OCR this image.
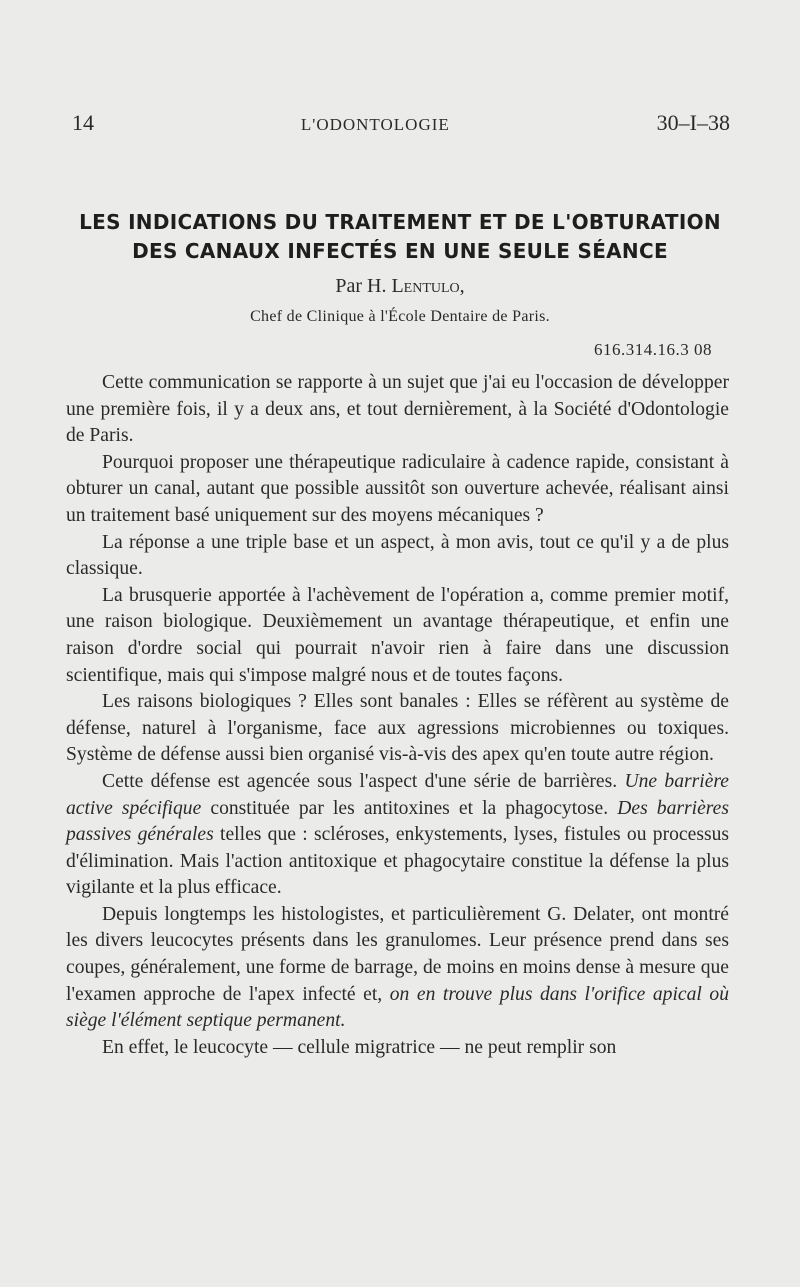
14	L'ODONTOLOGIE	30–I–38
LES INDICATIONS DU TRAITEMENT ET DE L'OBTURATION
DES CANAUX INFECTÉS EN UNE SEULE SÉANCE
Par H. Lentulo,
Chef de Clinique à l'École Dentaire de Paris.
616.314.16.3 08

Cette communication se rapporte à un sujet que j'ai eu l'occasion de développer une première fois, il y a deux ans, et tout dernièrement, à la Société d'Odontologie de Paris.

Pourquoi proposer une thérapeutique radiculaire à cadence rapide, consistant à obturer un canal, autant que possible aussitôt son ouverture achevée, réalisant ainsi un traitement basé uniquement sur des moyens mécaniques ?

La réponse a une triple base et un aspect, à mon avis, tout ce qu'il y a de plus classique.

La brusquerie apportée à l'achèvement de l'opération a, comme premier motif, une raison biologique. Deuxièmement un avantage thérapeutique, et enfin une raison d'ordre social qui pourrait n'avoir rien à faire dans une discussion scientifique, mais qui s'impose malgré nous et de toutes façons.

Les raisons biologiques ? Elles sont banales : Elles se réfèrent au système de défense, naturel à l'organisme, face aux agressions microbiennes ou toxiques. Système de défense aussi bien organisé vis-à-vis des apex qu'en toute autre région.

Cette défense est agencée sous l'aspect d'une série de barrières. Une barrière active spécifique constituée par les antitoxines et la phagocytose. Des barrières passives générales telles que : scléroses, enkystements, lyses, fistules ou processus d'élimination. Mais l'action antitoxique et phagocytaire constitue la défense la plus vigilante et la plus efficace.

Depuis longtemps les histologistes, et particulièrement G. Delater, ont montré les divers leucocytes présents dans les granulomes. Leur présence prend dans ses coupes, généralement, une forme de barrage, de moins en moins dense à mesure que l'examen approche de l'apex infecté et, on en trouve plus dans l'orifice apical où siège l'élément septique permanent.

En effet, le leucocyte — cellule migratrice — ne peut remplir son
